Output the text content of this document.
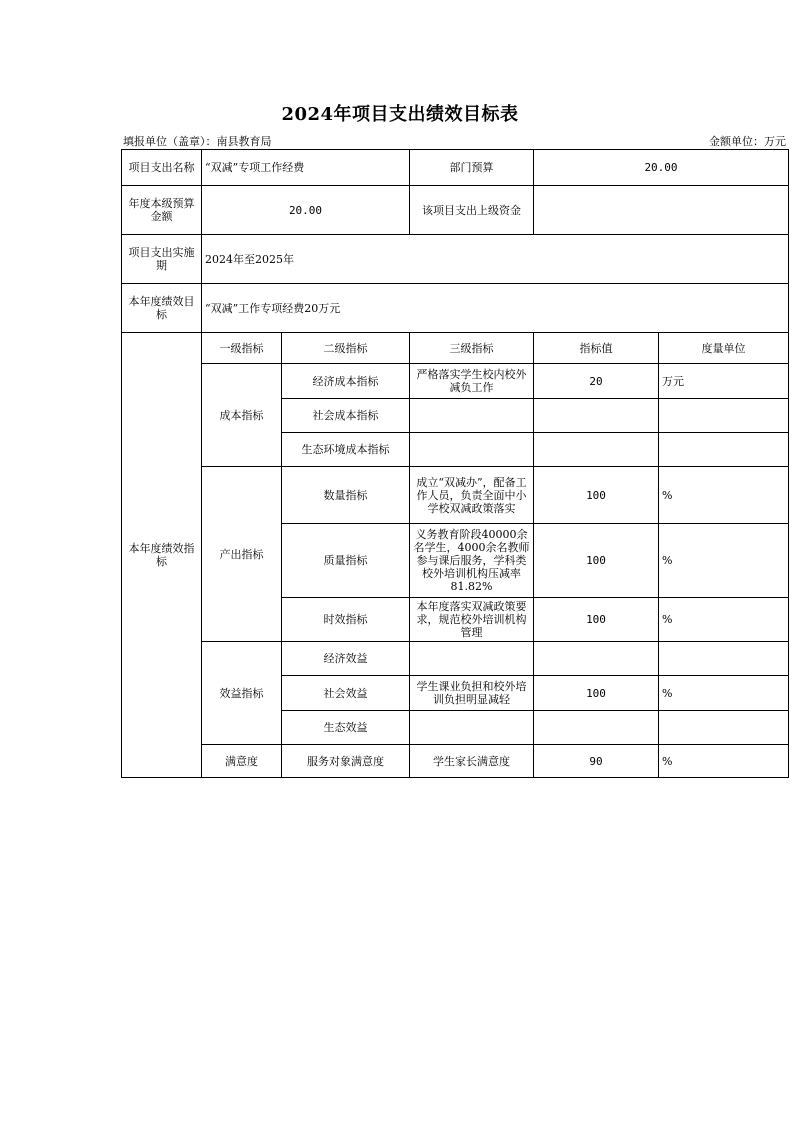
2024年项目支出绩效目标表
填报单位（盖章）：南县教育局	金额单位：万元
项目支出名称	“双减”专项工作经费		部门预算	20.00	
年度本级预算金额	20.00		该项目支出上级资金		
项目支出实施期	2024年至2025年				
本年度绩效目标	“双减”工作专项经费20万元				
本年度绩效指标	一级指标	二级指标	三级指标	指标值	度量单位
	成本指标	经济成本指标	严格落实学生校内校外减负工作	20	万元
		社会成本指标			
		生态环境成本指标			
	产出指标	数量指标	成立“双减办”，配备工作人员，负责全面中小学校双减政策落实	100	%
		质量指标	义务教育阶段40000余名学生，4000余名教师参与课后服务，学科类校外培训机构压减率81.82%	100	%
		时效指标	本年度落实双减政策要求，规范校外培训机构管理	100	%
	效益指标	经济效益			
		社会效益	学生课业负担和校外培训负担明显减轻	100	%
		生态效益			
	满意度	服务对象满意度	学生家长满意度	90	%
